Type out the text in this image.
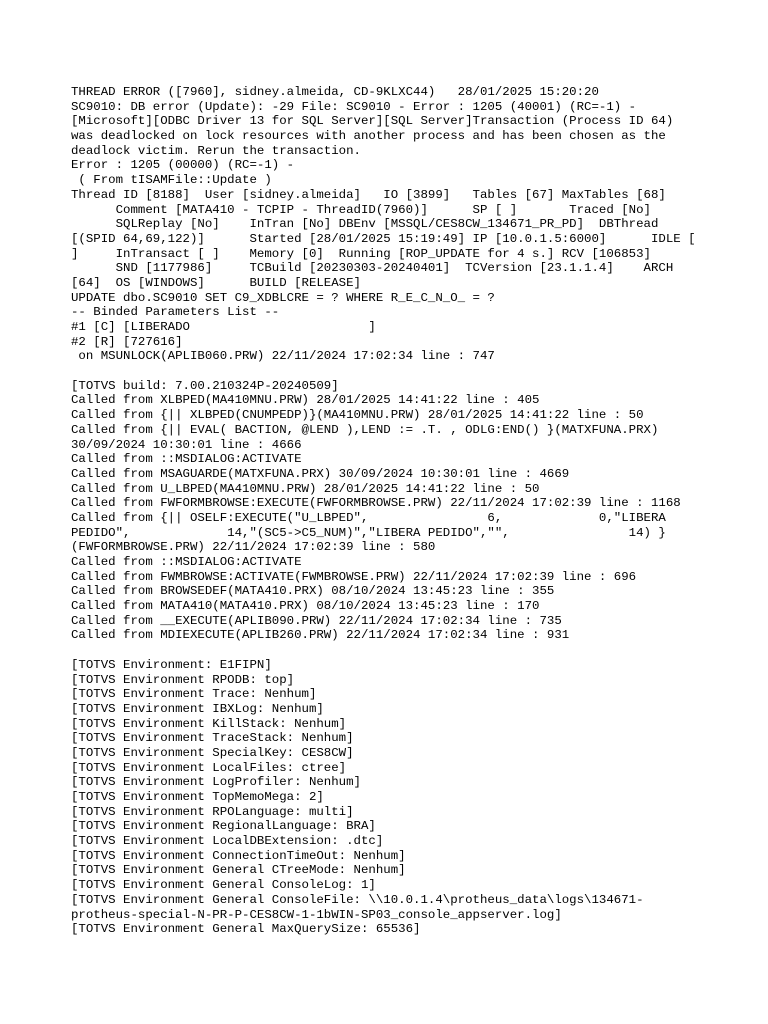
THREAD ERROR ([7960], sidney.almeida, CD-9KLXC44)   28/01/2025 15:20:20
SC9010: DB error (Update): -29 File: SC9010 - Error : 1205 (40001) (RC=-1) -
[Microsoft][ODBC Driver 13 for SQL Server][SQL Server]Transaction (Process ID 64)
was deadlocked on lock resources with another process and has been chosen as the
deadlock victim. Rerun the transaction.
Error : 1205 (00000) (RC=-1) -
( From tISAMFile::Update )
Thread ID [8188]  User [sidney.almeida]   IO [3899]   Tables [67] MaxTables [68]
Comment [MATA410 - TCPIP - ThreadID(7960)]      SP [ ]       Traced [No]
SQLReplay [No]    InTran [No] DBEnv [MSSQL/CES8CW_134671_PR_PD]  DBThread
[(SPID 64,69,122)]      Started [28/01/2025 15:19:49] IP [10.0.1.5:6000]      IDLE [
]     InTransact [ ]    Memory [0]  Running [ROP_UPDATE for 4 s.] RCV [106853]
SND [1177986]     TCBuild [20230303-20240401]  TCVersion [23.1.1.4]    ARCH
[64]  OS [WINDOWS]      BUILD [RELEASE]
UPDATE dbo.SC9010 SET C9_XDBLCRE = ? WHERE R_E_C_N_O_ = ?
-- Binded Parameters List --
#1 [C] [LIBERADO                        ]
#2 [R] [727616]
on MSUNLOCK(APLIB060.PRW) 22/11/2024 17:02:34 line : 747
[TOTVS build: 7.00.210324P-20240509]
Called from XLBPED(MA410MNU.PRW) 28/01/2025 14:41:22 line : 405
Called from {|| XLBPED(CNUMPEDP)}(MA410MNU.PRW) 28/01/2025 14:41:22 line : 50
Called from {|| EVAL( BACTION, @LEND ),LEND := .T. , ODLG:END() }(MATXFUNA.PRX)
30/09/2024 10:30:01 line : 4666
Called from ::MSDIALOG:ACTIVATE
Called from MSAGUARDE(MATXFUNA.PRX) 30/09/2024 10:30:01 line : 4669
Called from U_LBPED(MA410MNU.PRW) 28/01/2025 14:41:22 line : 50
Called from FWFORMBROWSE:EXECUTE(FWFORMBROWSE.PRW) 22/11/2024 17:02:39 line : 1168
Called from {|| OSELF:EXECUTE("U_LBPED",                6,             0,"LIBERA
PEDIDO",             14,"(SC5->C5_NUM)","LIBERA PEDIDO","",                14) }
(FWFORMBROWSE.PRW) 22/11/2024 17:02:39 line : 580
Called from ::MSDIALOG:ACTIVATE
Called from FWMBROWSE:ACTIVATE(FWMBROWSE.PRW) 22/11/2024 17:02:39 line : 696
Called from BROWSEDEF(MATA410.PRX) 08/10/2024 13:45:23 line : 355
Called from MATA410(MATA410.PRX) 08/10/2024 13:45:23 line : 170
Called from __EXECUTE(APLIB090.PRW) 22/11/2024 17:02:34 line : 735
Called from MDIEXECUTE(APLIB260.PRW) 22/11/2024 17:02:34 line : 931
[TOTVS Environment: E1FIPN]
[TOTVS Environment RPODB: top]
[TOTVS Environment Trace: Nenhum]
[TOTVS Environment IBXLog: Nenhum]
[TOTVS Environment KillStack: Nenhum]
[TOTVS Environment TraceStack: Nenhum]
[TOTVS Environment SpecialKey: CES8CW]
[TOTVS Environment LocalFiles: ctree]
[TOTVS Environment LogProfiler: Nenhum]
[TOTVS Environment TopMemoMega: 2]
[TOTVS Environment RPOLanguage: multi]
[TOTVS Environment RegionalLanguage: BRA]
[TOTVS Environment LocalDBExtension: .dtc]
[TOTVS Environment ConnectionTimeOut: Nenhum]
[TOTVS Environment General CTreeMode: Nenhum]
[TOTVS Environment General ConsoleLog: 1]
[TOTVS Environment General ConsoleFile: \\10.0.1.4\protheus_data\logs\134671-
protheus-special-N-PR-P-CES8CW-1-1bWIN-SP03_console_appserver.log]
[TOTVS Environment General MaxQuerySize: 65536]
